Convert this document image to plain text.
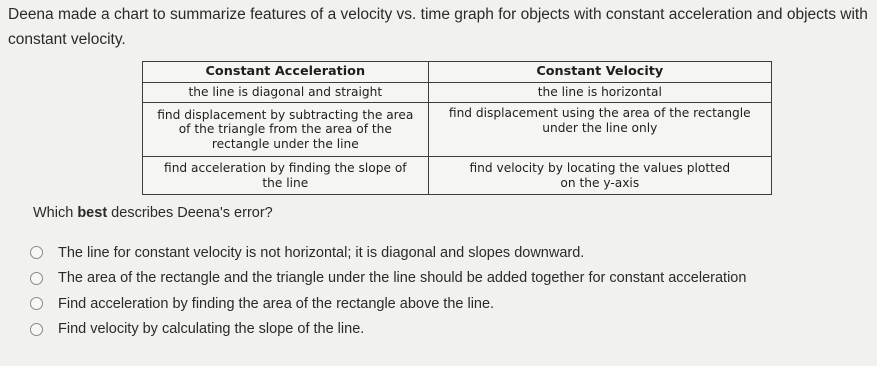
Deena made a chart to summarize features of a velocity vs. time graph for objects with constant acceleration and objects with constant velocity.

Constant Acceleration	Constant Velocity
the line is diagonal and straight	the line is horizontal
find displacement by subtracting the area of the triangle from the area of the rectangle under the line	find displacement using the area of the rectangle under the line only
find acceleration by finding the slope of the line	find velocity by locating the values plotted on the y-axis

Which best describes Deena's error?

The line for constant velocity is not horizontal; it is diagonal and slopes downward.
The area of the rectangle and the triangle under the line should be added together for constant acceleration
Find acceleration by finding the area of the rectangle above the line.
Find velocity by calculating the slope of the line.
